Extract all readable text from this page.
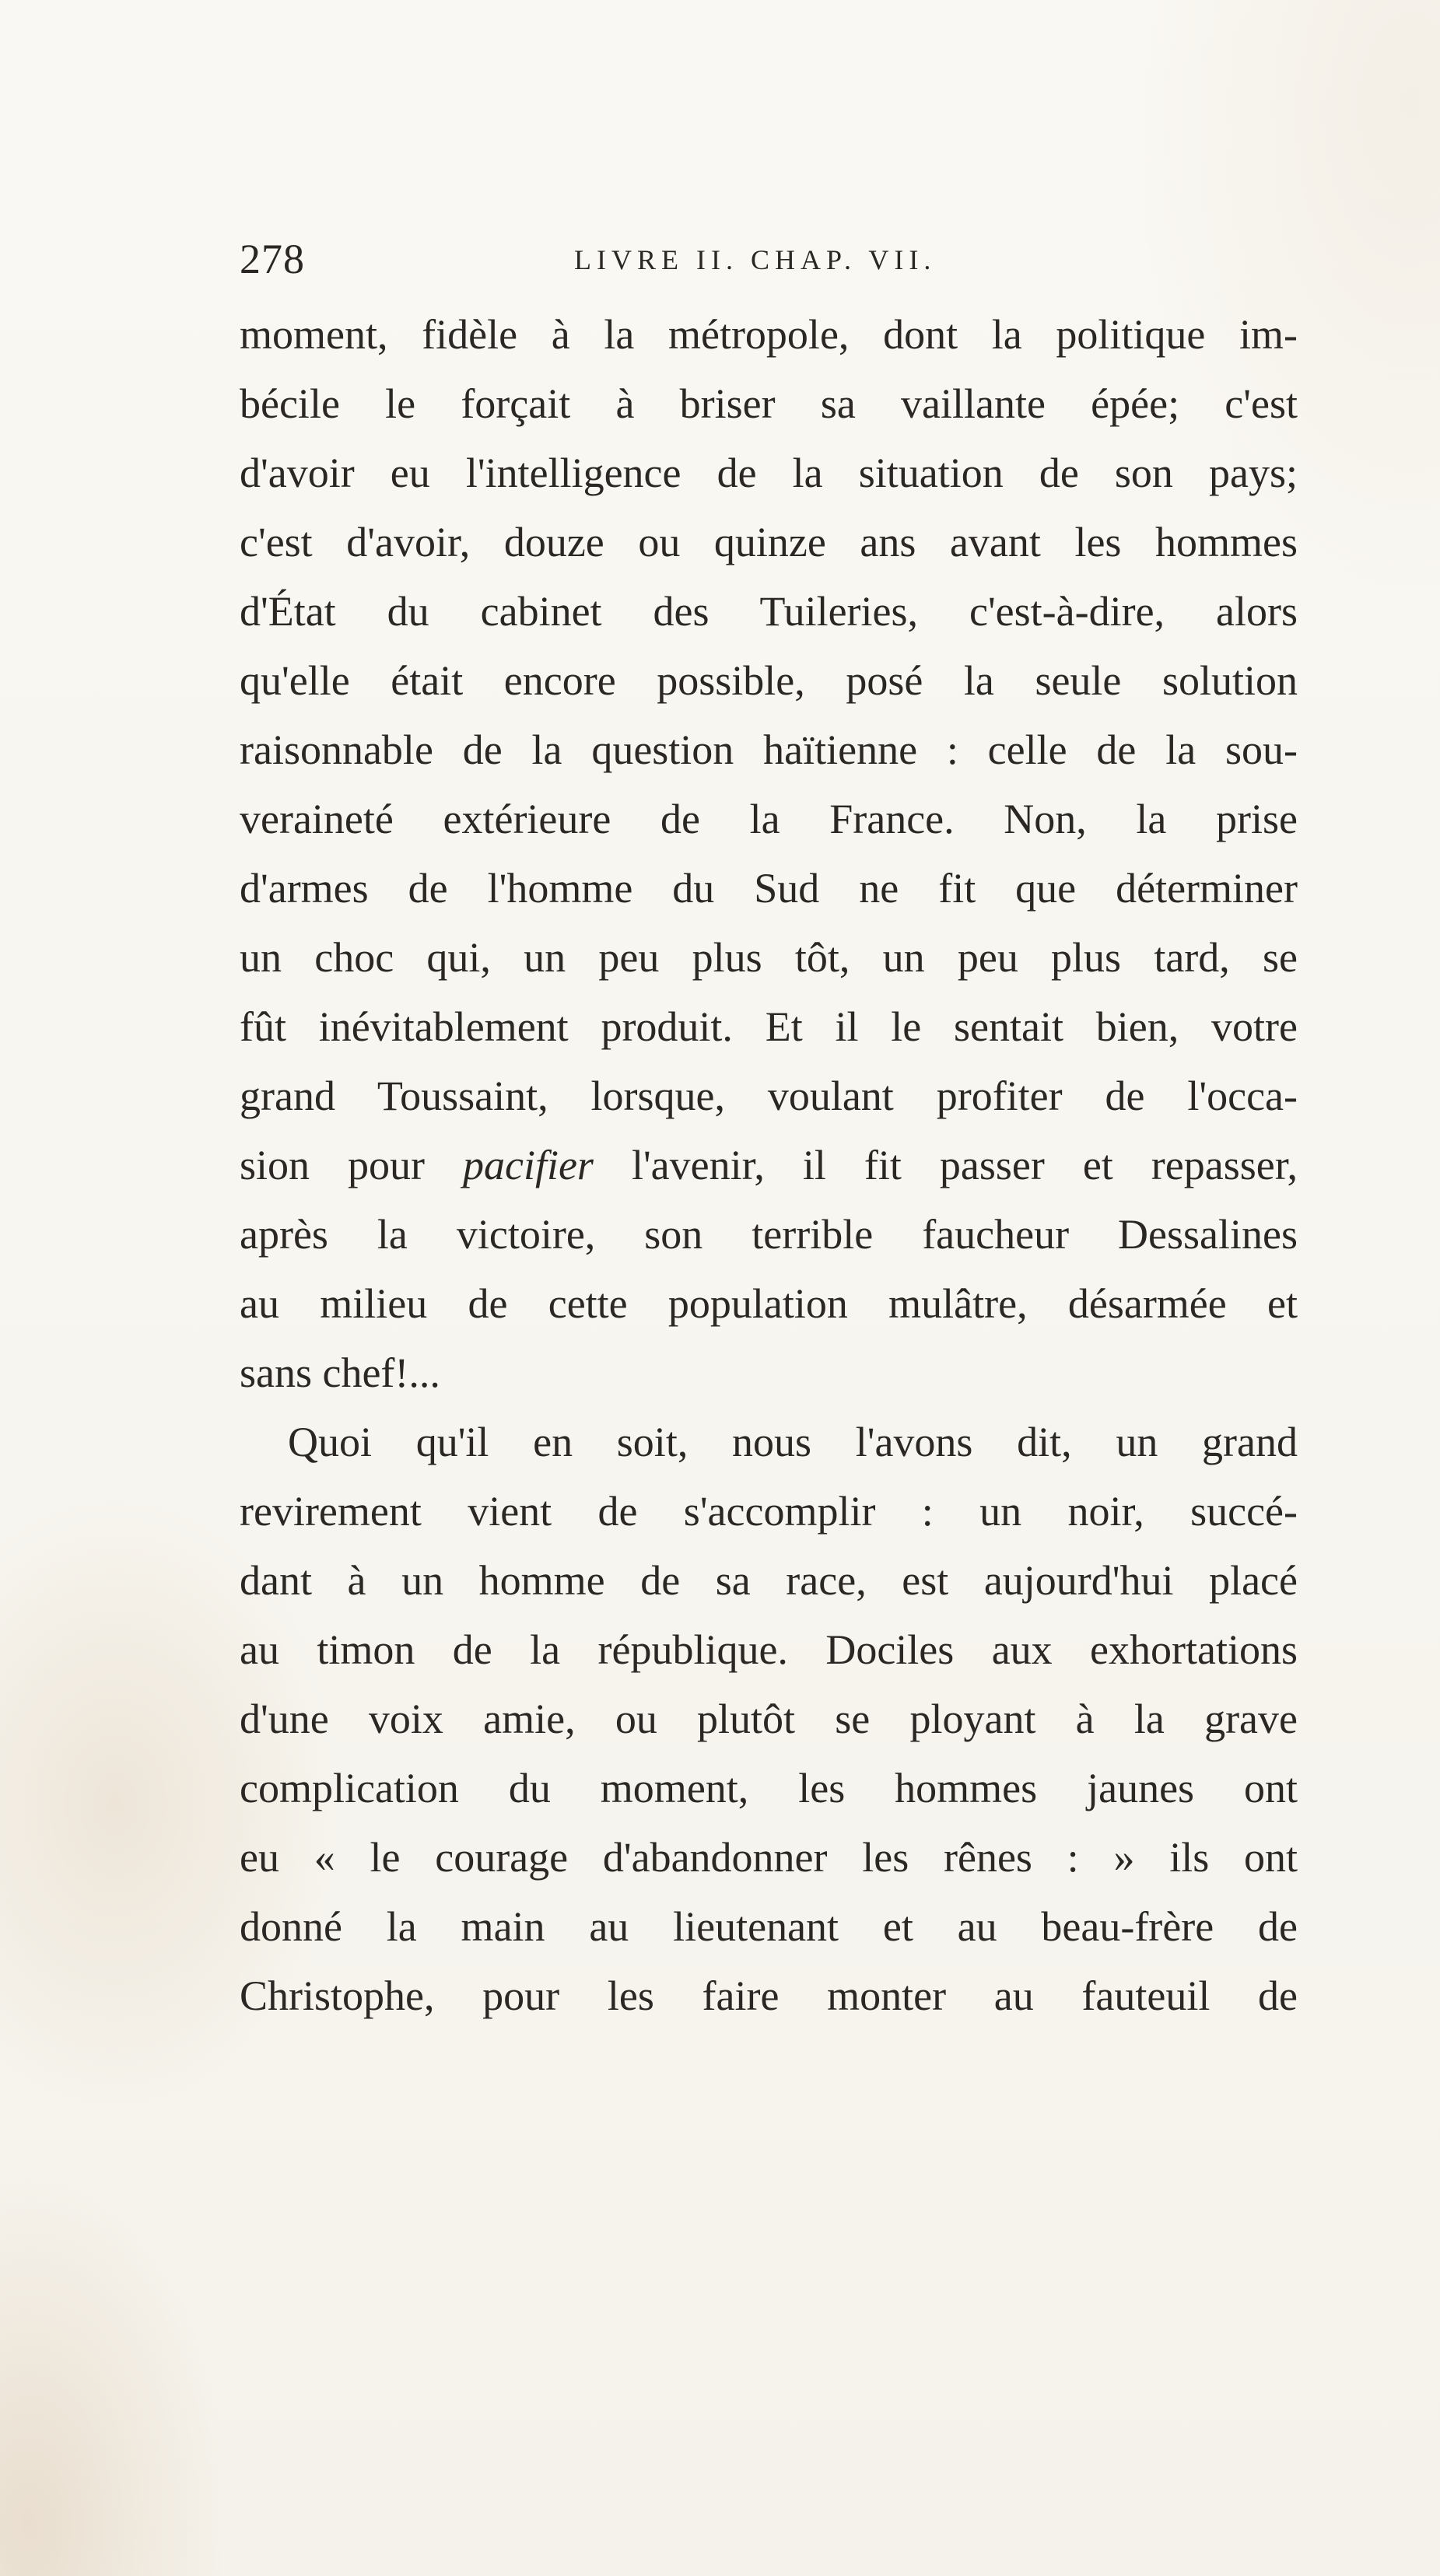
278	LIVRE II. CHAP. VII.
moment, fidèle à la métropole, dont la politique im-
bécile le forçait à briser sa vaillante épée; c'est
d'avoir eu l'intelligence de la situation de son pays;
c'est d'avoir, douze ou quinze ans avant les hommes
d'État du cabinet des Tuileries, c'est-à-dire, alors
qu'elle était encore possible, posé la seule solution
raisonnable de la question haïtienne : celle de la sou-
veraineté extérieure de la France. Non, la prise
d'armes de l'homme du Sud ne fit que déterminer
un choc qui, un peu plus tôt, un peu plus tard, se
fût inévitablement produit. Et il le sentait bien, votre
grand Toussaint, lorsque, voulant profiter de l'occa-
sion pour pacifier l'avenir, il fit passer et repasser,
après la victoire, son terrible faucheur Dessalines
au milieu de cette population mulâtre, désarmée et
sans chef!...
Quoi qu'il en soit, nous l'avons dit, un grand
revirement vient de s'accomplir : un noir, succé-
dant à un homme de sa race, est aujourd'hui placé
au timon de la république. Dociles aux exhortations
d'une voix amie, ou plutôt se ployant à la grave
complication du moment, les hommes jaunes ont
eu « le courage d'abandonner les rênes : » ils ont
donné la main au lieutenant et au beau-frère de
Christophe, pour les faire monter au fauteuil de
